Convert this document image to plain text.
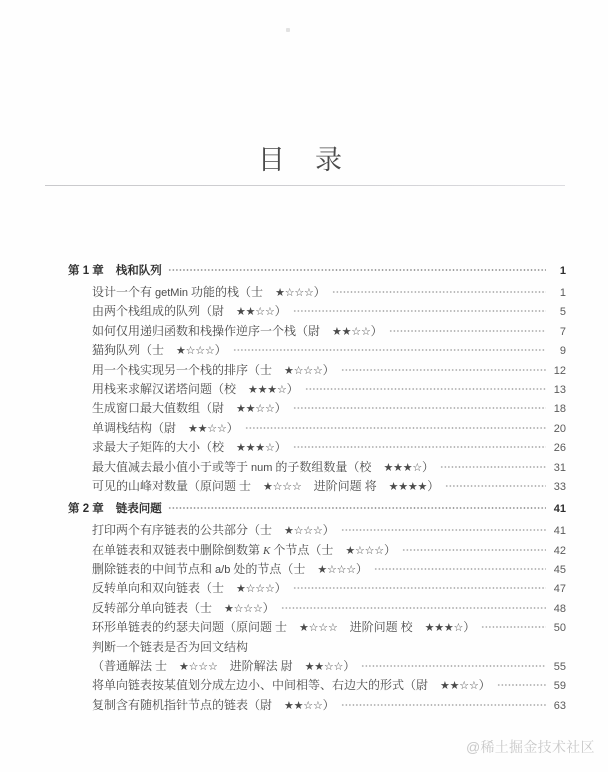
目 录
第 1 章 栈和队列	1
设计一个有 getMin 功能的栈（士　★☆☆☆）	1
由两个栈组成的队列（尉　★★☆☆）	5
如何仅用递归函数和栈操作逆序一个栈（尉　★★☆☆）	7
猫狗队列（士　★☆☆☆）	9
用一个栈实现另一个栈的排序（士　★☆☆☆）	12
用栈来求解汉诺塔问题（校　★★★☆）	13
生成窗口最大值数组（尉　★★☆☆）	18
单调栈结构（尉　★★☆☆）	20
求最大子矩阵的大小（校　★★★☆）	26
最大值减去最小值小于或等于 num 的子数组数量（校　★★★☆）	31
可见的山峰对数量（原问题 士　★☆☆☆　进阶问题 将　★★★★）	33
第 2 章 链表问题	41
打印两个有序链表的公共部分（士　★☆☆☆）	41
在单链表和双链表中删除倒数第 K 个节点（士　★☆☆☆）	42
删除链表的中间节点和 a/b 处的节点（士　★☆☆☆）	45
反转单向和双向链表（士　★☆☆☆）	47
反转部分单向链表（士　★☆☆☆）	48
环形单链表的约瑟夫问题（原问题 士　★☆☆☆　进阶问题 校　★★★☆）	50
判断一个链表是否为回文结构
（普通解法 士　★☆☆☆　进阶解法 尉　★★☆☆）	55
将单向链表按某值划分成左边小、中间相等、右边大的形式（尉　★★☆☆）	59
复制含有随机指针节点的链表（尉　★★☆☆）	63
@稀土掘金技术社区
